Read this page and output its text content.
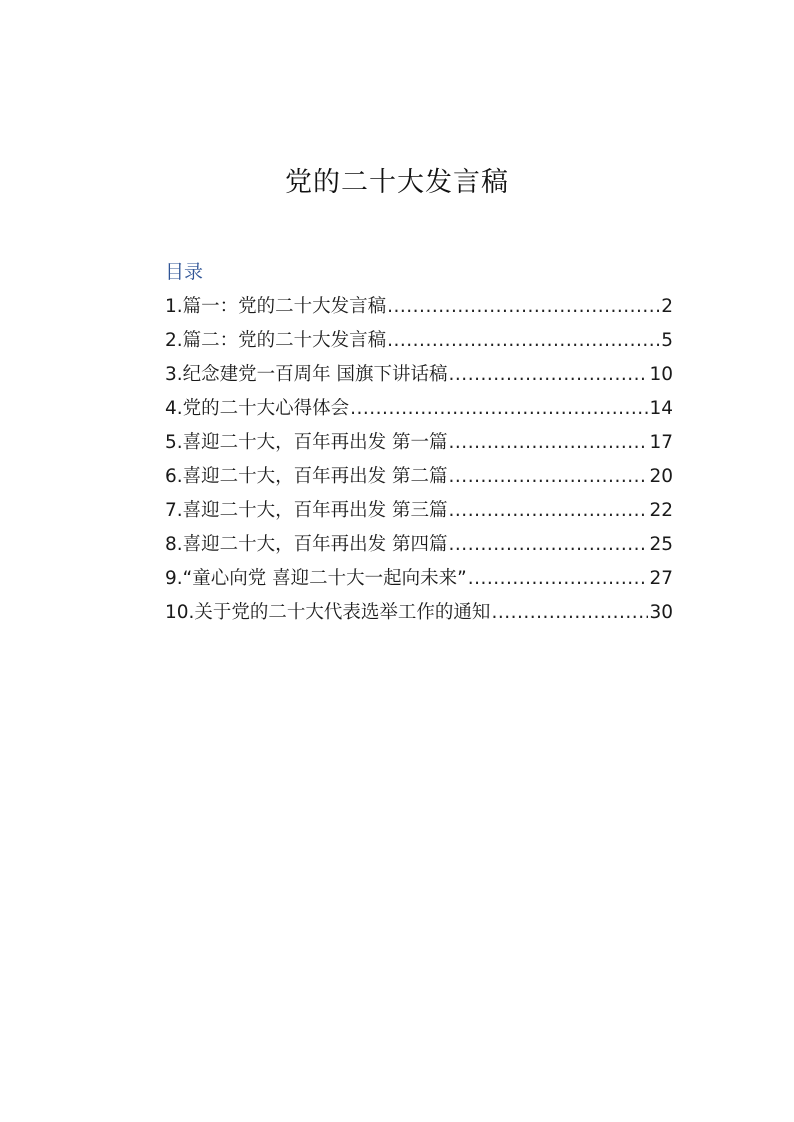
党的二十大发言稿
目录
1.篇一：党的二十大发言稿 .....	2
2.篇二：党的二十大发言稿 .....	5
3.纪念建党一百周年 国旗下讲话稿 .....	10
4.党的二十大心得体会 .....	14
5.喜迎二十大，百年再出发 第一篇 .....	17
6.喜迎二十大，百年再出发 第二篇 .....	20
7.喜迎二十大，百年再出发 第三篇 .....	22
8.喜迎二十大，百年再出发 第四篇 .....	25
9.“童心向党 喜迎二十大一起向未来” .....	27
10.关于党的二十大代表选举工作的通知 .....	30
